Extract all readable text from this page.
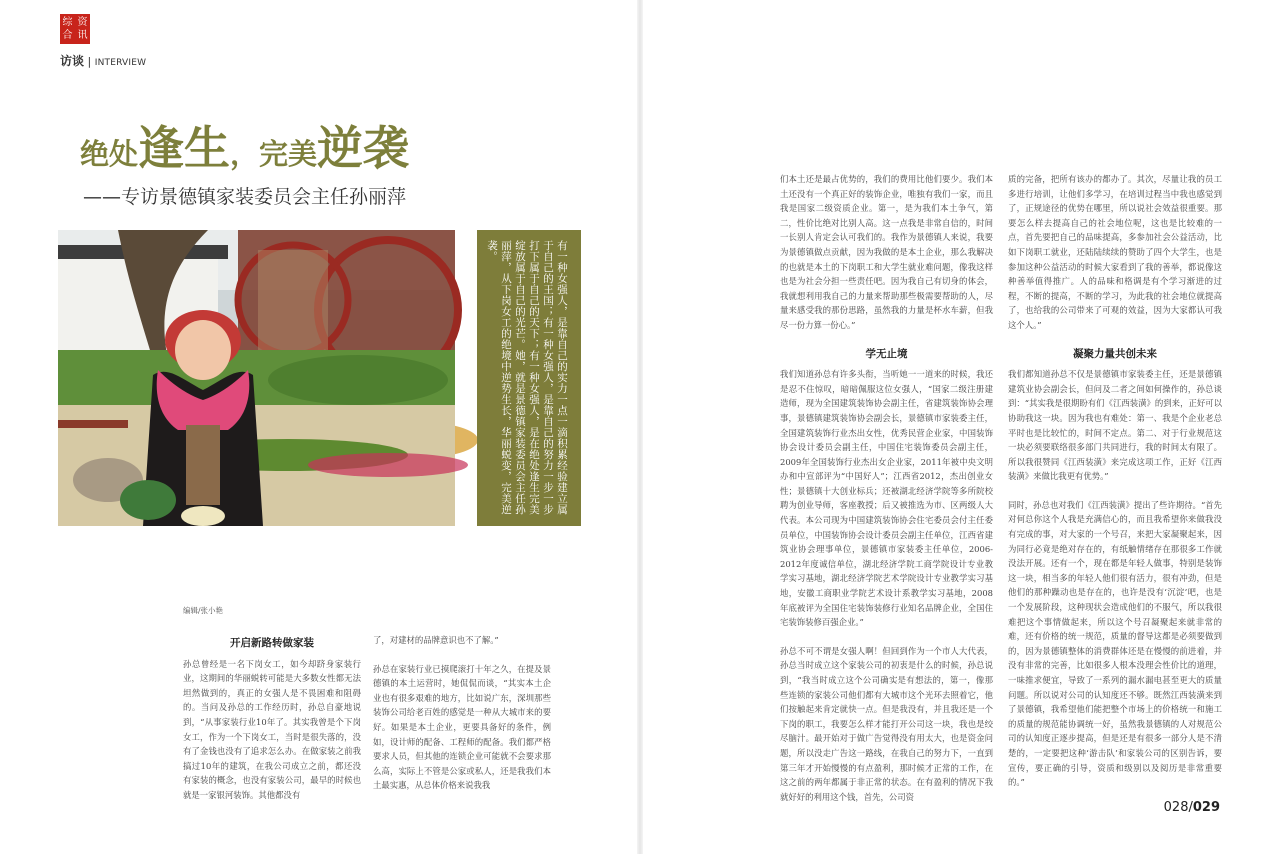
综 资
合 讯
访谈 | INTERVIEW
绝处逢生，完美逆袭
——专访景德镇家装委员会主任孙丽萍

有一种女强人，是靠自己的实力一点一滴积累经验建立属于自己的王国；有一种女强人，是靠自己的努力一步一步打下属于自己的天下；有一种女强人，是在绝处逢生完美绽放属于自己的光芒。她，就是景德镇家装委员会主任孙丽萍，从下岗女工的绝境中逆势生长，华丽蜕变，完美逆袭。

编辑/张小艳
开启新路转做家装

孙总曾经是一名下岗女工，如今却跻身家装行业，这期间的华丽蜕转可能是大多数女性都无法坦然做到的，真正的女强人是不畏困难和阻碍的。当问及孙总的工作经历时，孙总自豪地说到，“从事家装行业10年了。其实我曾是个下岗女工，作为一个下岗女工，当时是很失落的，没有了金钱也没有了追求怎么办。在做家装之前我搞过10年的建筑，在我公司成立之前，都还没有家装的概念，也没有家装公司，最早的时候也就是一家银河装饰。其他都没有

了，对建材的品牌意识也不了解。”

孙总在家装行业已摸爬滚打十年之久，在提及景德镇的本土运营时，她侃侃而谈，“其实本土企业也有很多艰难的地方，比如说广东，深圳那些装饰公司给老百姓的感觉是一种从大城市来的要好。如果是本土企业，更要具备好的条件，例如，设计师的配备、工程师的配备。我们都严格要求人员，但其他的连锁企业可能就不会要求那么高，实际上不管是公家或私人，还是我我们本土最实惠，从总体价格来说我我

们本土还是最占优势的，我们的费用比他们要少。我们本土还没有一个真正好的装饰企业，唯独有我们一家，而且我是国家二级资质企业。第一，是为我们本土争气，第二，性价比绝对比别人高。这一点我是非常自信的，时间一长别人肯定会认可我们的。我作为景德镇人来说，我要为景德镇做点贡献，因为我做的是本土企业，那么我解决的也就是本土的下岗职工和大学生就业难问题，像我这样也是为社会分担一些责任吧。因为我自己有切身的体会，我就想利用我自己的力量来帮助那些极需要帮助的人，尽量来感受我的那份思路，虽然我的力量是杯水车薪，但我尽一份力算一份心。”

学无止境

我们知道孙总有许多头衔，当听她一一道来的时候，我还是忍不住惊叹，暗暗佩服这位女强人，“国家二级注册建造师，现为全国建筑装饰协会副主任，省建筑装饰协会理事，景德镇建筑装饰协会副会长，景德镇市家装委主任，全国建筑装饰行业杰出女性，优秀民营企业家，中国装饰协会设计委员会副主任，中国住宅装饰委员会副主任，2009年全国装饰行业杰出女企业家，2011年被中央文明办和中宣部评为“中国好人”；江西省2012，杰出创业女性；景德镇十大创业标兵；还被湖北经济学院等多所院校聘为创业导师，客座教授；后又被推选为市、区两级人大代表。本公司现为中国建筑装饰协会住宅委员会付主任委员单位，中国装饰协会设计委员会副主任单位，江西省建筑业协会理事单位，景德镇市家装委主任单位，2006-2012年度诚信单位，湖北经济学院工商学院设计专业教学实习基地，湖北经济学院艺术学院设计专业教学实习基地，安徽工商职业学院艺术设计系教学实习基地，2008年底被评为全国住宅装饰装修行业知名品牌企业，全国住宅装饰装修百强企业。”

孙总不可不谓是女强人啊！但回到作为一个市人大代表，孙总当时成立这个家装公司的初衷是什么的时候，孙总说到，“我当时成立这个公司确实是有想法的，第一，像那些连锁的家装公司他们都有大城市这个光环去照着它，他们按触起来肯定就快一点。但是我没有，并且我还是一个下岗的职工，我要怎么样才能打开公司这一块，我也是绞尽脑汁。最开始对于做广告觉得没有用太大，也是资金问题，所以没走广告这一路线，在我自己的努力下，一直到第三年才开始慢慢的有点盈利，那时候才正常的工作，在这之前的两年都属于非正常的状态。在有盈利的情况下我就好好的利用这个钱，首先，公司资

质的完备，把所有该办的都办了。其次，尽量让我的员工多进行培训，让他们多学习，在培训过程当中我也感觉到了，正规途径的优势在哪里，所以说社会效益很重要。那要怎么样去提高自己的社会地位呢，这也是比较难的一点，首先要把自己的品味提高，多参加社会公益活动，比如下岗职工就业，还陆陆续续的赞助了四个大学生，也是参加这种公益活动的时候大家看到了我的善举，都说像这种善举值得推广。人的品味和格调是有个学习渐进的过程，不断的提高，不断的学习，为此我的社会地位就提高了，也给我的公司带来了可观的效益，因为大家都认可我这个人。”

凝聚力量共创未来

我们都知道孙总不仅是景德镇市家装委主任，还是景德镇建筑业协会副会长，但问及二者之间如何操作的，孙总谈到：“其实我是很期盼有们《江西装潢》的到来，正好可以协助我这一块。因为我也有难处：第一、我是个企业老总平时也是比较忙的，时间不定点。第二、对于行业规范这一块必须要联络很多部门共同进行，我的时间太有限了。所以我很赞同《江西装潢》来完成这项工作，正好《江西装潢》来做比我更有优势。”

同时，孙总也对我们《江西装潢》提出了些许期待。“首先对何总你这个人我是充满信心的，而且我希望你来做我没有完成的事，对大家的一个号召，来把大家凝聚起来，因为同行必竟是绝对存在的，有纸触情绪存在那很多工作就没法开展。还有一个，现在都是年轻人做事，特别是装饰这一块，相当多的年轻人他们很有活力，很有冲劲，但是他们的那种躁动也是存在的，也许是没有‘沉淀’吧，也是一个发展阶段，这种现状会造成他们的不服气，所以我很难把这个事情做起来，所以这个号召凝聚起来就非常的难，还有价格的统一规范，质量的督导这都是必须要做到的，因为景德镇整体的消费群体还是在慢慢的前进着，并没有非常的完善，比如很多人根本没理会性价比的道理，一味推求便宜，导致了一系列的漏水漏电甚至更大的质量问题。所以说对公司的认知度还不够。既然江西装潢来到了景德镇，我希望他们能把整个市场上的价格统一和施工的质量的规范能协调统一好，虽然我景德镇的人对规范公司的认知度正逐步提高，但是还是有很多一部分人是不清楚的，一定要把这种‘游击队’和家装公司的区别告诉，要宣传，要正确的引导，资质和级别以及阅历是非常重要的。”

028/029
